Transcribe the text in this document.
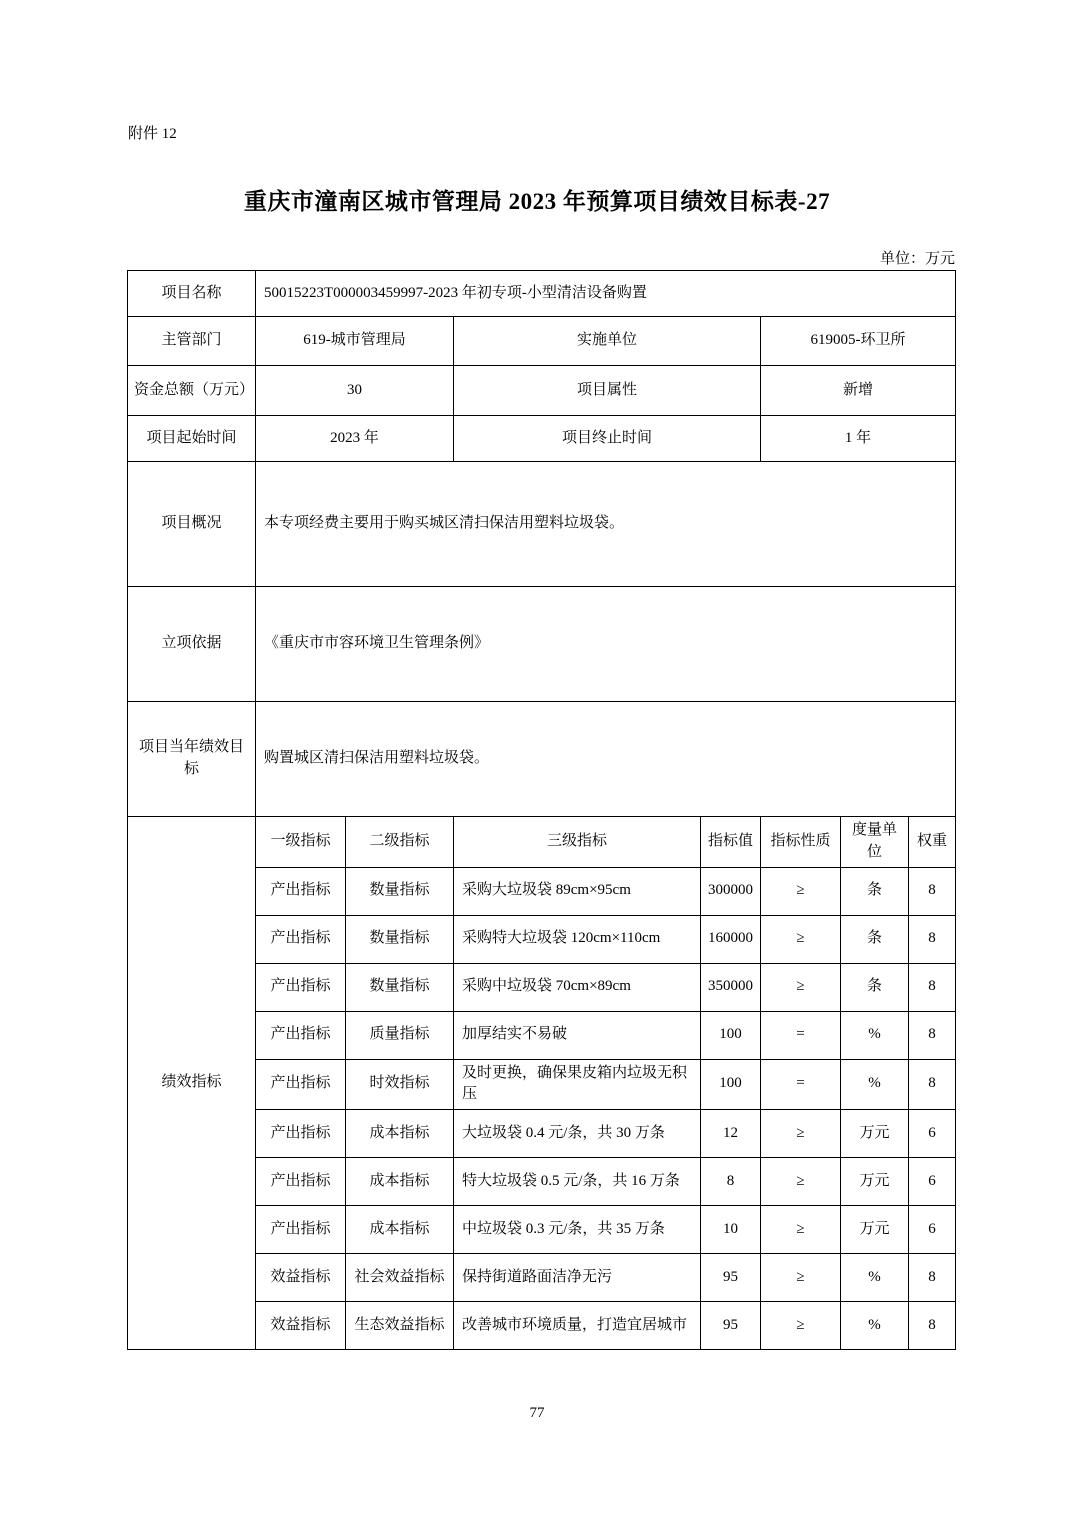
附件 12
重庆市潼南区城市管理局 2023 年预算项目绩效目标表-27
单位：万元
项目名称	50015223T000003459997-2023 年初专项-小型清洁设备购置						
主管部门	619-城市管理局		实施单位		619005-环卫所		
资金总额（万元）	30		项目属性		新增		
项目起始时间	2023 年		项目终止时间		1 年		
项目概况	本专项经费主要用于购买城区清扫保洁用塑料垃圾袋。						
立项依据	《重庆市市容环境卫生管理条例》						
项目当年绩效目标	购置城区清扫保洁用塑料垃圾袋。						
绩效指标	一级指标	二级指标	三级指标	指标值	指标性质	度量单位	权重
	产出指标	数量指标	采购大垃圾袋 89cm×95cm	300000	≥	条	8
	产出指标	数量指标	采购特大垃圾袋 120cm×110cm	160000	≥	条	8
	产出指标	数量指标	采购中垃圾袋 70cm×89cm	350000	≥	条	8
	产出指标	质量指标	加厚结实不易破	100	=	%	8
	产出指标	时效指标	及时更换，确保果皮箱内垃圾无积压	100	=	%	8
	产出指标	成本指标	大垃圾袋 0.4 元/条，共 30 万条	12	≥	万元	6
	产出指标	成本指标	特大垃圾袋 0.5 元/条，共 16 万条	8	≥	万元	6
	产出指标	成本指标	中垃圾袋 0.3 元/条，共 35 万条	10	≥	万元	6
	效益指标	社会效益指标	保持街道路面洁净无污	95	≥	%	8
	效益指标	生态效益指标	改善城市环境质量，打造宜居城市	95	≥	%	8
77
